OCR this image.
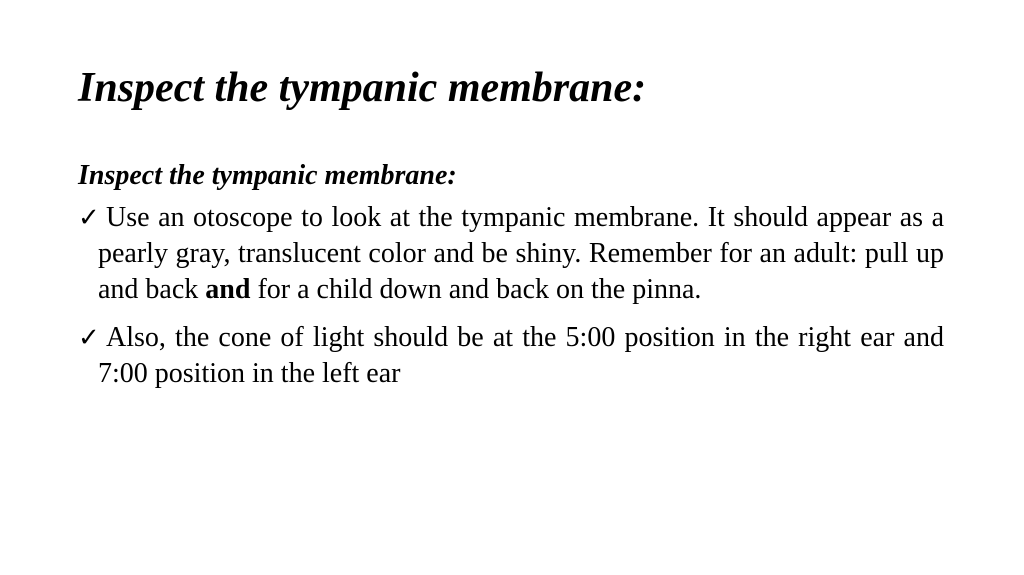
Inspect the tympanic membrane:

Inspect the tympanic membrane:

✓ Use an otoscope to look at the tympanic membrane. It should appear as a pearly gray, translucent color and be shiny. Remember for an adult: pull up and back and for a child down and back on the pinna.

✓ Also, the cone of light should be at the 5:00 position in the right ear and 7:00 position in the left ear
